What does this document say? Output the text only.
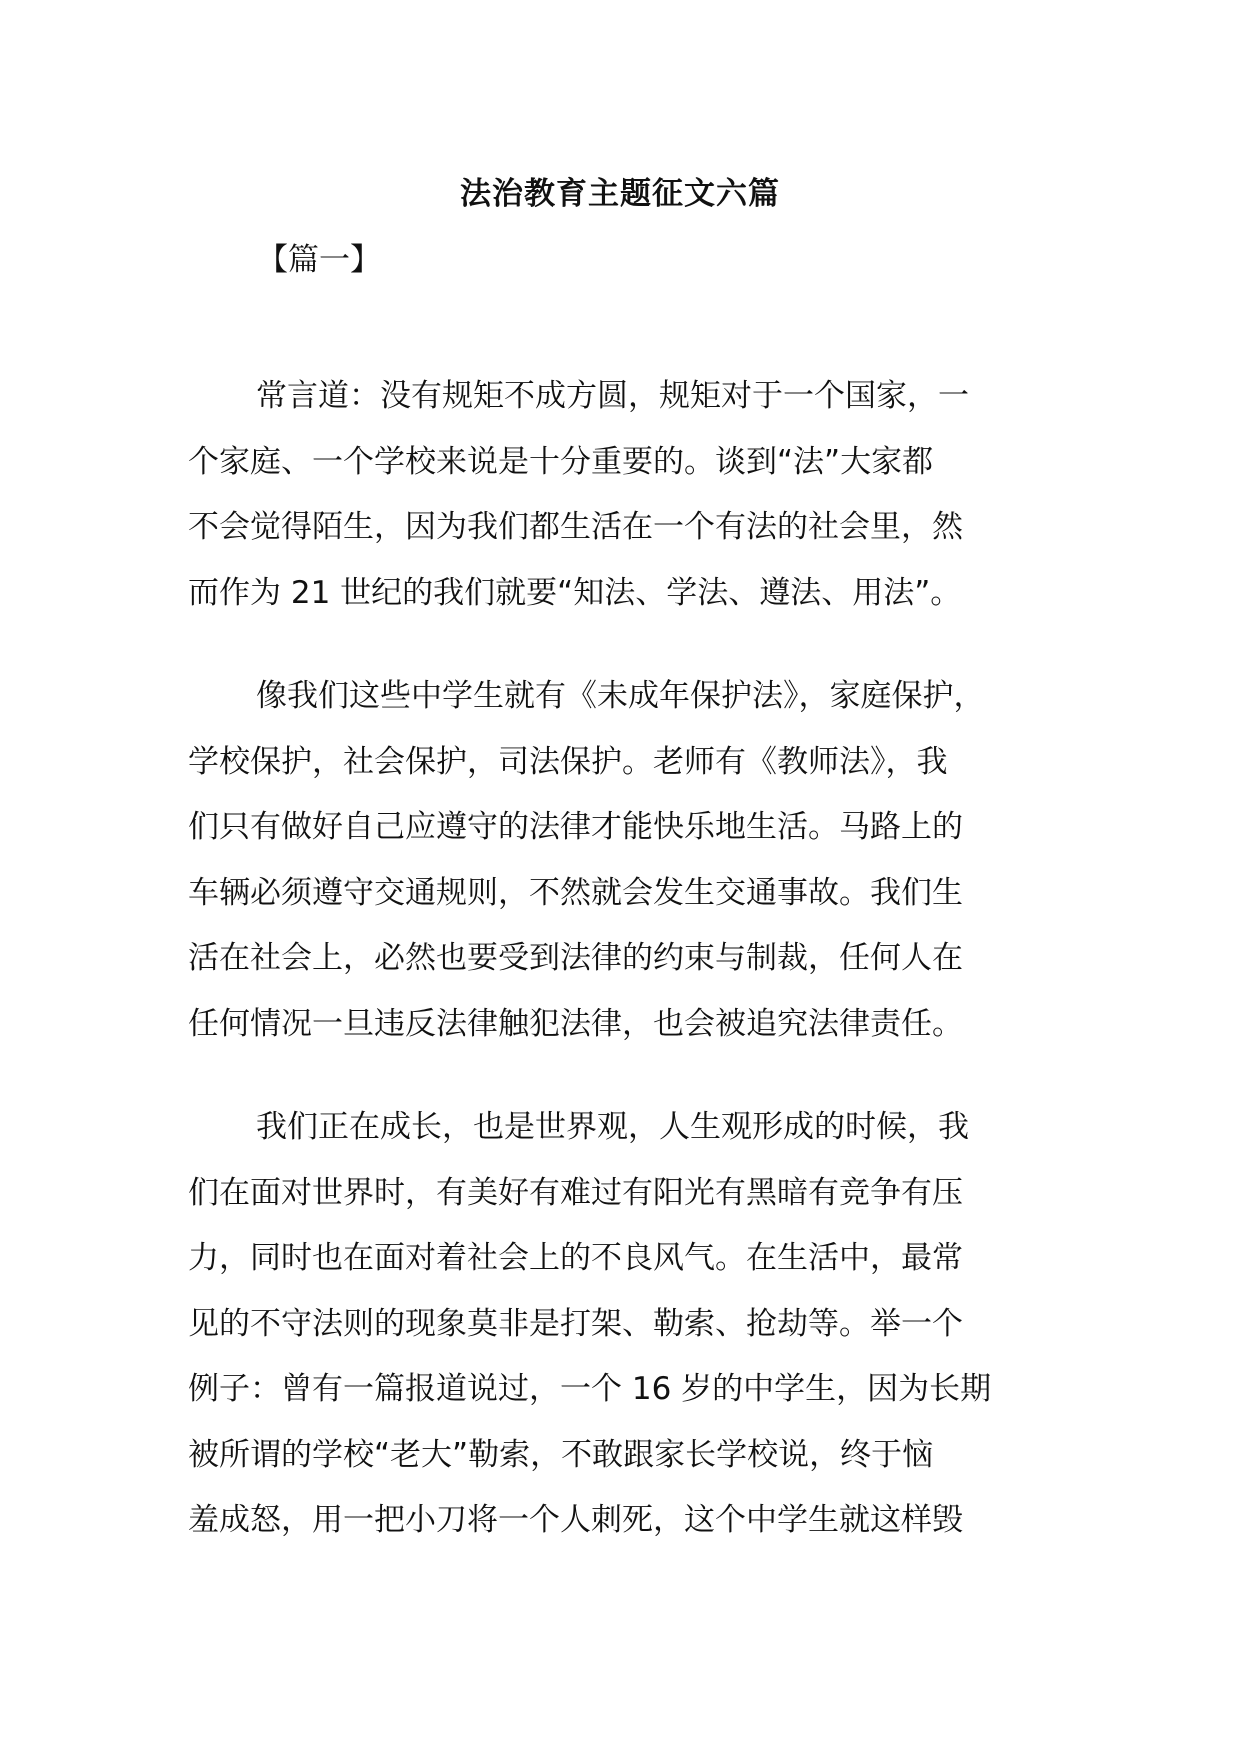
法治教育主题征文六篇
【篇一】

常言道：没有规矩不成方圆，规矩对于一个国家，一
个家庭、一个学校来说是十分重要的。谈到“法”大家都
不会觉得陌生，因为我们都生活在一个有法的社会里，然
而作为 21 世纪的我们就要“知法、学法、遵法、用法”。

像我们这些中学生就有《未成年保护法》，家庭保护，
学校保护，社会保护，司法保护。老师有《教师法》，我
们只有做好自己应遵守的法律才能快乐地生活。马路上的
车辆必须遵守交通规则，不然就会发生交通事故。我们生
活在社会上，必然也要受到法律的约束与制裁，任何人在
任何情况一旦违反法律触犯法律，也会被追究法律责任。

我们正在成长，也是世界观，人生观形成的时候，我
们在面对世界时，有美好有难过有阳光有黑暗有竞争有压
力，同时也在面对着社会上的不良风气。在生活中，最常
见的不守法则的现象莫非是打架、勒索、抢劫等。举一个
例子：曾有一篇报道说过，一个 16 岁的中学生，因为长期
被所谓的学校“老大”勒索，不敢跟家长学校说，终于恼
羞成怒，用一把小刀将一个人刺死，这个中学生就这样毁
